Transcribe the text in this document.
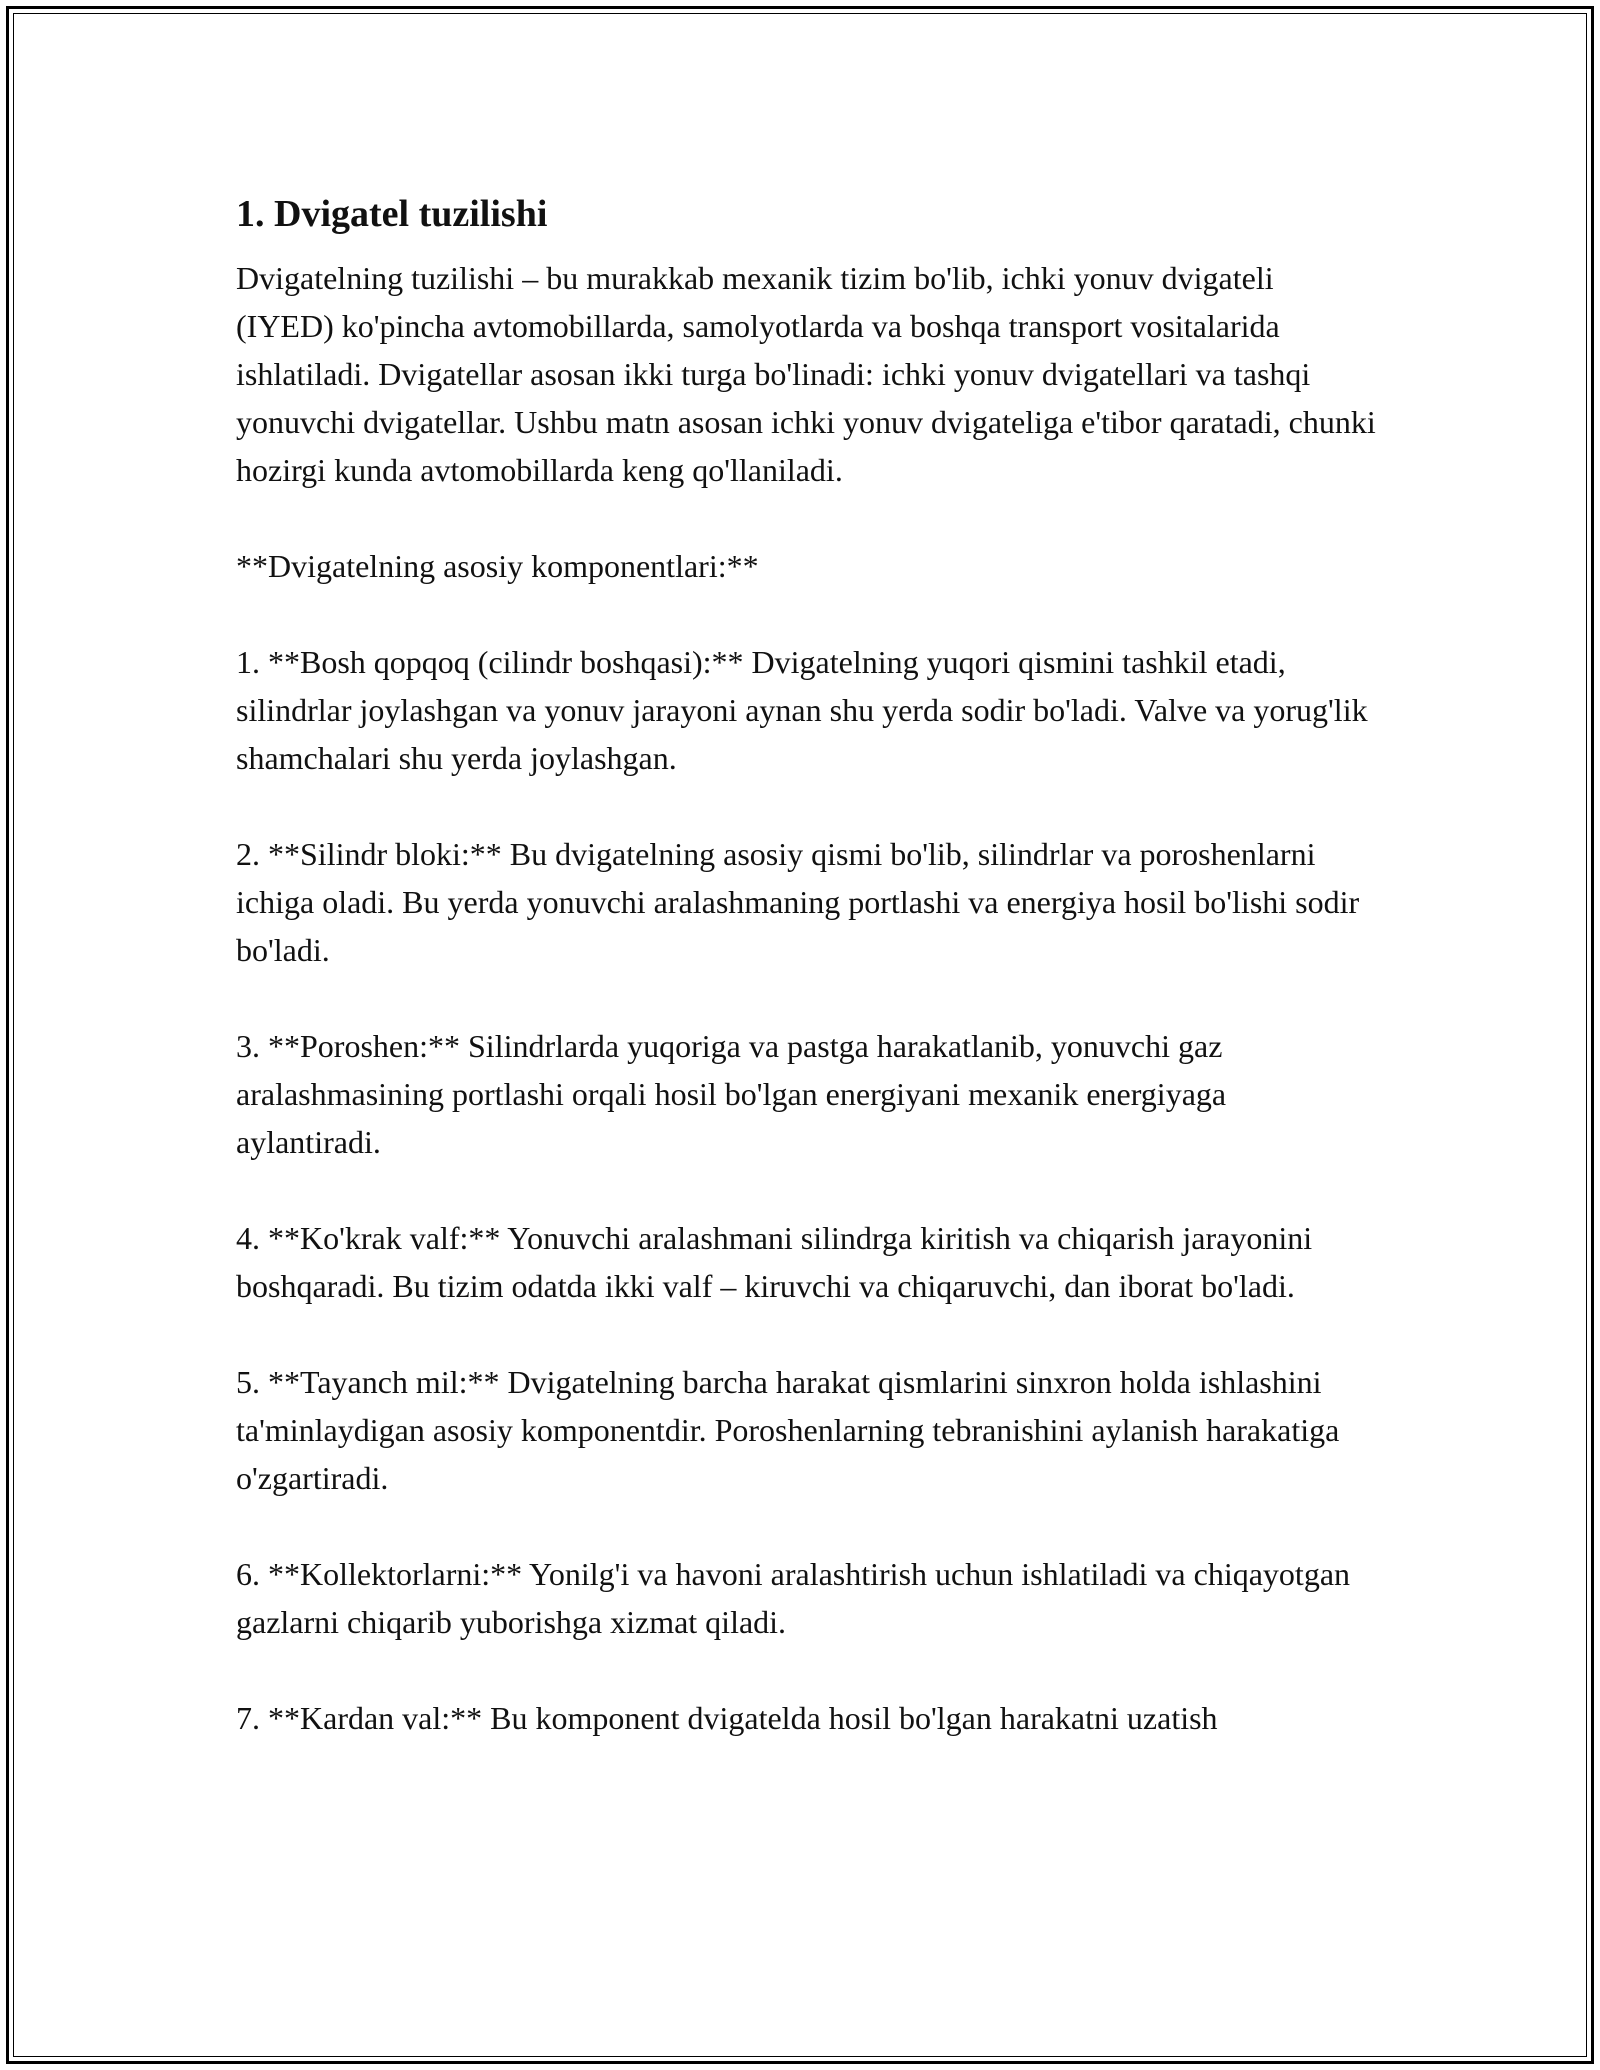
1. Dvigatel tuzilishi

Dvigatelning tuzilishi – bu murakkab mexanik tizim bo'lib, ichki yonuv dvigateli (IYED) ko'pincha avtomobillarda, samolyotlarda va boshqa transport vositalarida ishlatiladi. Dvigatellar asosan ikki turga bo'linadi: ichki yonuv dvigatellari va tashqi yonuvchi dvigatellar. Ushbu matn asosan ichki yonuv dvigateliga e'tibor qaratadi, chunki hozirgi kunda avtomobillarda keng qo'llaniladi.

**Dvigatelning asosiy komponentlari:**

1. **Bosh qopqoq (cilindr boshqasi):** Dvigatelning yuqori qismini tashkil etadi, silindrlar joylashgan va yonuv jarayoni aynan shu yerda sodir bo'ladi. Valve va yorug'lik shamchalari shu yerda joylashgan.

2. **Silindr bloki:** Bu dvigatelning asosiy qismi bo'lib, silindrlar va poroshenlarni ichiga oladi. Bu yerda yonuvchi aralashmaning portlashi va energiya hosil bo'lishi sodir bo'ladi.

3. **Poroshen:** Silindrlarda yuqoriga va pastga harakatlanib, yonuvchi gaz aralashmasining portlashi orqali hosil bo'lgan energiyani mexanik energiyaga aylantiradi.

4. **Ko'krak valf:** Yonuvchi aralashmani silindrga kiritish va chiqarish jarayonini boshqaradi. Bu tizim odatda ikki valf – kiruvchi va chiqaruvchi, dan iborat bo'ladi.

5. **Tayanch mil:** Dvigatelning barcha harakat qismlarini sinxron holda ishlashini ta'minlaydigan asosiy komponentdir. Poroshenlarning tebranishini aylanish harakatiga o'zgartiradi.

6. **Kollektorlarni:** Yonilg'i va havoni aralashtirish uchun ishlatiladi va chiqayotgan gazlarni chiqarib yuborishga xizmat qiladi.

7. **Kardan val:** Bu komponent dvigatelda hosil bo'lgan harakatni uzatish
